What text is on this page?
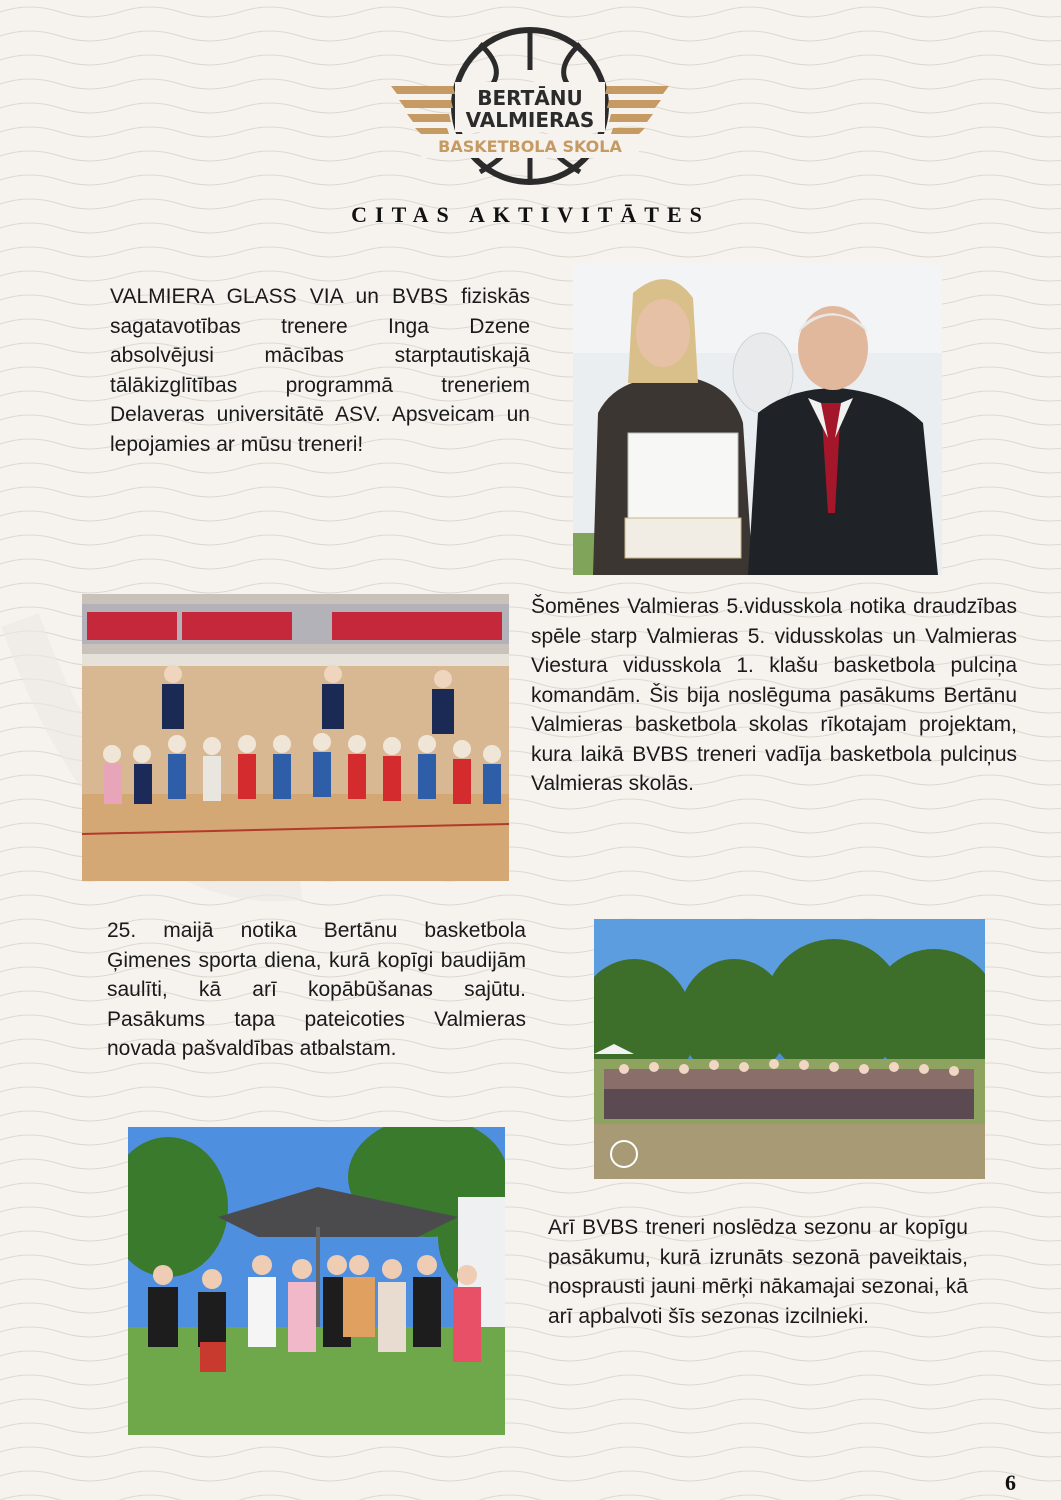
BERTĀNU
VALMIERAS
BASKETBOLA SKOLA
CITAS AKTIVITĀTES
VALMIERA GLASS VIA un BVBS fiziskās sagatavotības trenere Inga Dzene absolvējusi mācības starptautiskajā tālākizglītības programmā treneriem Delaveras universitātē ASV. Apsveicam un lepojamies ar mūsu treneri!
Šomēnes Valmieras 5.vidusskola notika draudzības spēle starp Valmieras 5. vidusskolas un Valmieras Viestura vidusskola 1. klašu basketbola pulciņa komandām. Šis bija noslēguma pasākums Bertānu Valmieras basketbola skolas rīkotajam projektam, kura laikā BVBS treneri vadīja basketbola pulciņus Valmieras skolās.
25. maijā notika Bertānu basketbola Ģimenes sporta diena, kurā kopīgi baudijām saulīti, kā arī kopābūšanas sajūtu. Pasākums tapa pateicoties Valmieras novada pašvaldības atbalstam.
Arī BVBS treneri noslēdza sezonu ar kopīgu pasākumu, kurā izrunāts sezonā paveiktais, nosprausti jauni mērķi nākamajai sezonai, kā arī apbalvoti šīs sezonas izcilnieki.
6
